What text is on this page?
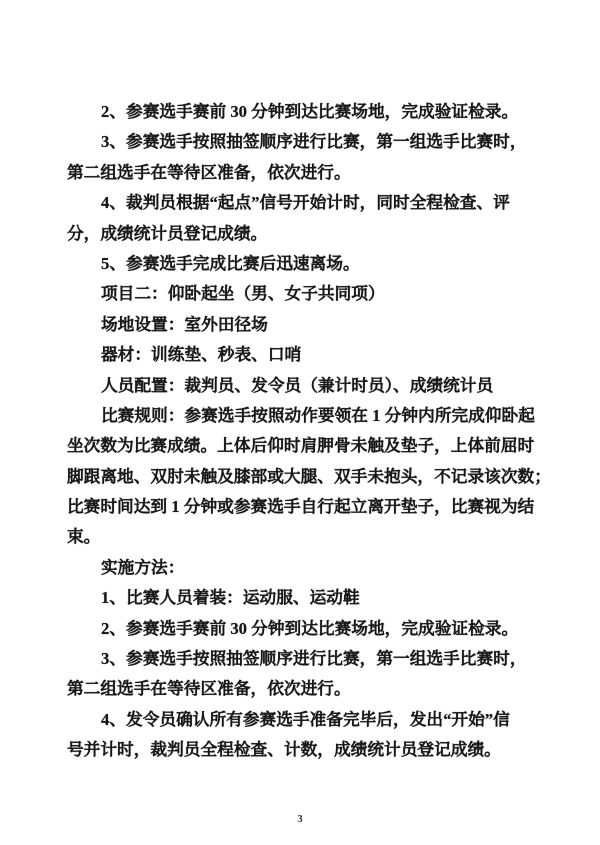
2、参赛选手赛前 30 分钟到达比赛场地，完成验证检录。
3、参赛选手按照抽签顺序进行比赛，第一组选手比赛时，
第二组选手在等待区准备，依次进行。
4、裁判员根据“起点”信号开始计时，同时全程检查、评
分，成绩统计员登记成绩。
5、参赛选手完成比赛后迅速离场。
项目二：仰卧起坐（男、女子共同项）
场地设置：室外田径场
器材：训练垫、秒表、口哨
人员配置：裁判员、发令员（兼计时员）、成绩统计员
比赛规则：参赛选手按照动作要领在 1 分钟内所完成仰卧起
坐次数为比赛成绩。上体后仰时肩胛骨未触及垫子，上体前屈时
脚跟离地、双肘未触及膝部或大腿、双手未抱头，不记录该次数；
比赛时间达到 1 分钟或参赛选手自行起立离开垫子，比赛视为结
束。
实施方法：
1、比赛人员着装：运动服、运动鞋
2、参赛选手赛前 30 分钟到达比赛场地，完成验证检录。
3、参赛选手按照抽签顺序进行比赛，第一组选手比赛时，
第二组选手在等待区准备，依次进行。
4、发令员确认所有参赛选手准备完毕后，发出“开始”信
号并计时，裁判员全程检查、计数，成绩统计员登记成绩。
3
